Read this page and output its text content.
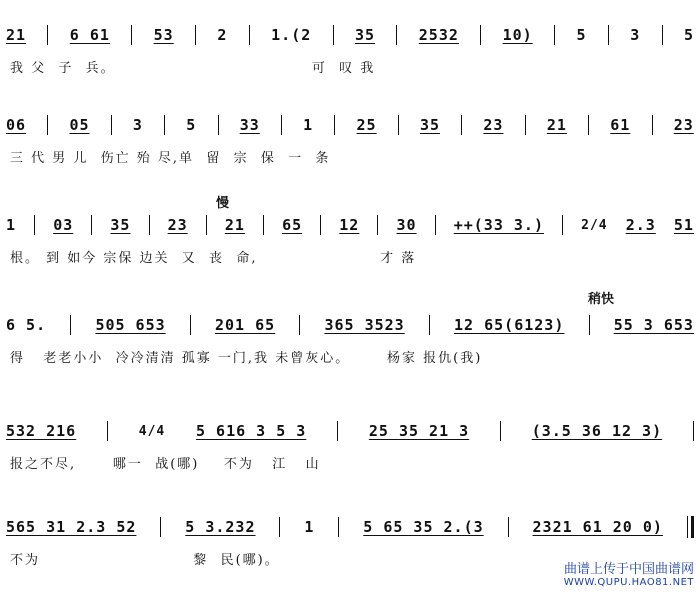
21	6 61	53	2	1.(2	35	2532	10)	5	3	5
我 父  子  兵。                                可  叹 我
06	05	3	5	33	1	25	35	23	21	61	23
三 代 男 儿  伤亡 殆 尽,单  留  宗  保  一  条
慢
1 03 35 23 21 65 12 30 ++(33 3.)	2/4 2.3 51
根。 到 如今 宗保 边关  又  丧  命,                    才 落
稍快
6 5.	505 653	201 65	365 3523	12 65(6123)	55 3 653
得   老老小小  冷冷清清 孤寡 一门,我 未曾灰心。      杨家 报仇(我)
532 216	4/4 5 616 3 5 3	25 35 21 3	(3.5 36 12 3)
报之不尽,      哪一  战(哪)    不为   江   山
565 31 2.3 52	5 3.232	1	5 65 35 2.(3	2321 61 20 0)
不为                         黎  民(哪)。
曲谱上传于中国曲谱网
WWW.QUPU.HAO81.NET
